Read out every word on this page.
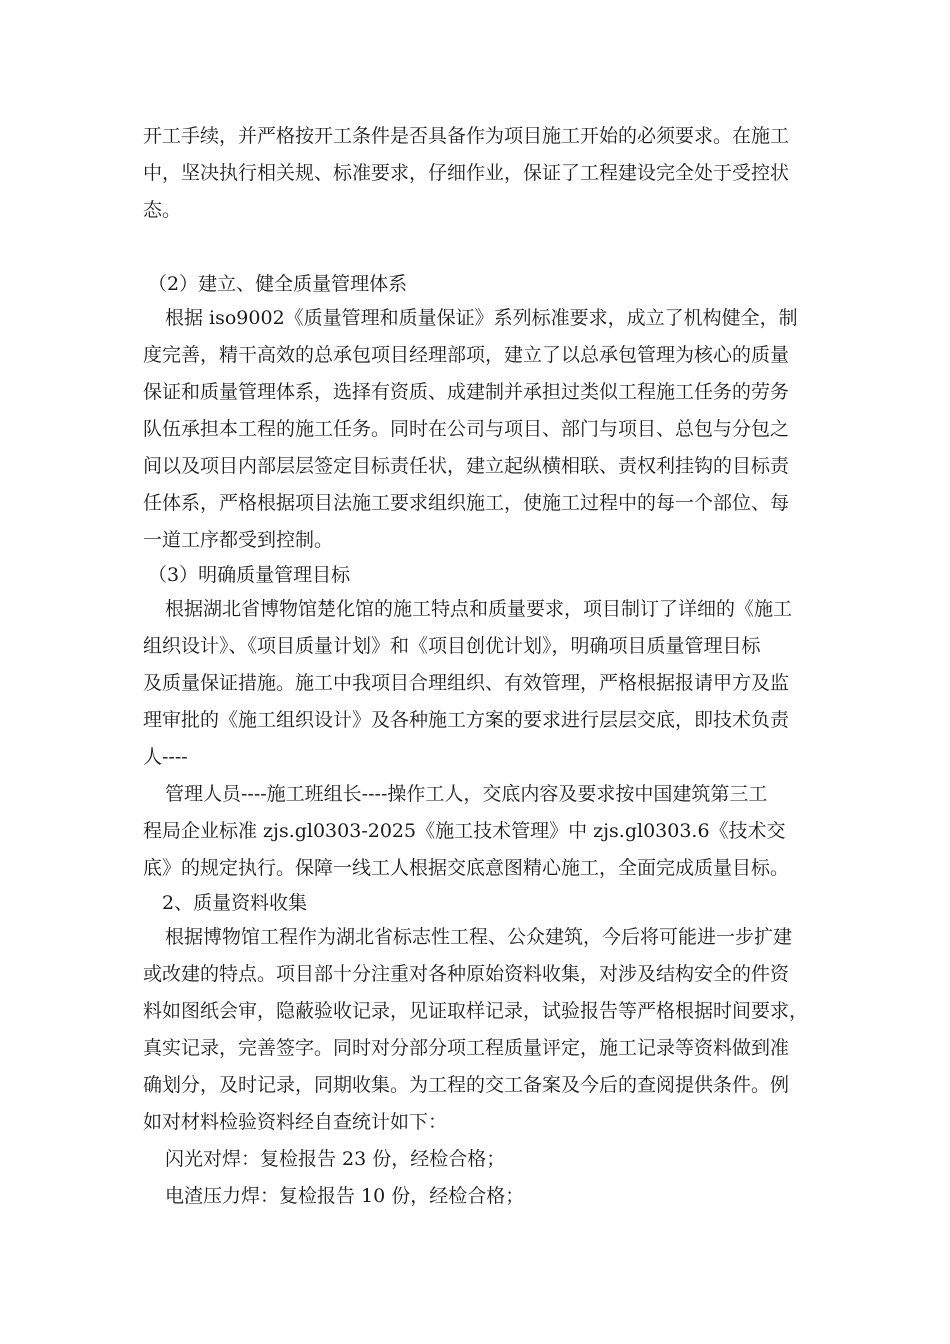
开工手续，并严格按开工条件是否具备作为项目施工开始的必须要求。在施工
中，坚决执行相关规、标准要求，仔细作业，保证了工程建设完全处于受控状
态。
（2）建立、健全质量管理体系
根据 iso9002《质量管理和质量保证》系列标准要求，成立了机构健全，制
度完善，精干高效的总承包项目经理部项，建立了以总承包管理为核心的质量
保证和质量管理体系，选择有资质、成建制并承担过类似工程施工任务的劳务
队伍承担本工程的施工任务。同时在公司与项目、部门与项目、总包与分包之
间以及项目内部层层签定目标责任状，建立起纵横相联、责权利挂钩的目标责
任体系，严格根据项目法施工要求组织施工，使施工过程中的每一个部位、每
一道工序都受到控制。
（3）明确质量管理目标
根据湖北省博物馆楚化馆的施工特点和质量要求，项目制订了详细的《施工
组织设计》、《项目质量计划》和《项目创优计划》，明确项目质量管理目标
及质量保证措施。施工中我项目合理组织、有效管理，严格根据报请甲方及监
理审批的《施工组织设计》及各种施工方案的要求进行层层交底，即技术负责
人----
管理人员----施工班组长----操作工人，交底内容及要求按中国建筑第三工
程局企业标准 zjs.gl0303-2025《施工技术管理》中 zjs.gl0303.6《技术交
底》的规定执行。保障一线工人根据交底意图精心施工，全面完成质量目标。
2、质量资料收集
根据博物馆工程作为湖北省标志性工程、公众建筑，今后将可能进一步扩建
或改建的特点。项目部十分注重对各种原始资料收集，对涉及结构安全的件资
料如图纸会审，隐蔽验收记录，见证取样记录，试验报告等严格根据时间要求，
真实记录，完善签字。同时对分部分项工程质量评定，施工记录等资料做到准
确划分，及时记录，同期收集。为工程的交工备案及今后的查阅提供条件。例
如对材料检验资料经自查统计如下：
闪光对焊：复检报告 23 份，经检合格；
电渣压力焊：复检报告 10 份，经检合格；
